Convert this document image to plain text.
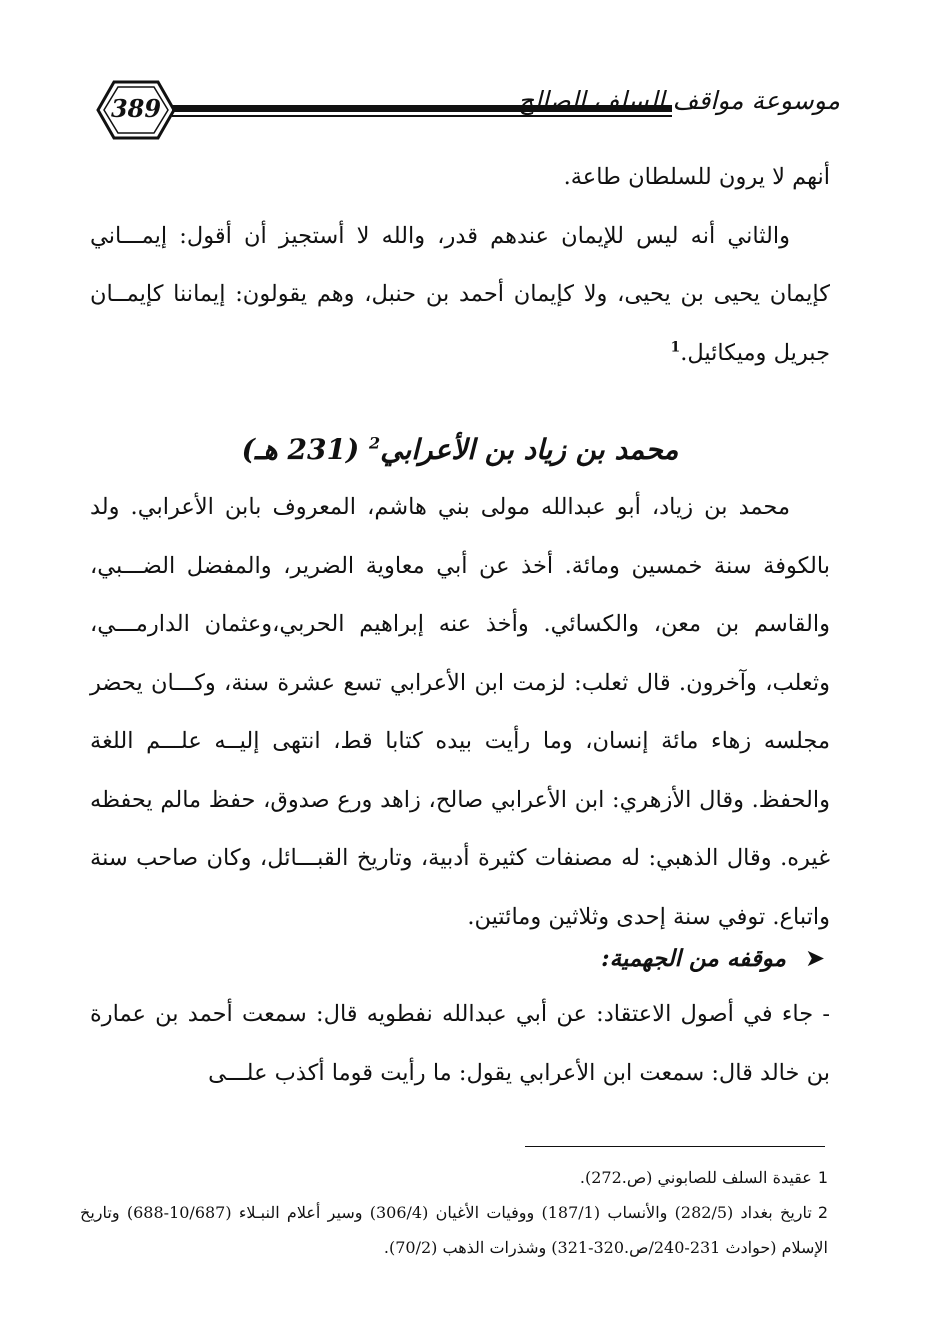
389	موسوعة مواقف السلف الصالح

أنهم لا يرون للسلطان طاعة.

والثاني أنه ليس للإيمان عندهم قدر، والله لا أستجيز أن أقول: إيمـــاني كإيمان يحيى بن يحيى، ولا كإيمان أحمد بن حنبل، وهم يقولون: إيماننا كإيمــان جبريل وميكائيل.$^1$

محمد بن زياد بن الأعرابي$^2$ (231 هـ)

محمد بن زياد، أبو عبدالله مولى بني هاشم، المعروف بابن الأعرابي. ولد بالكوفة سنة خمسين ومائة. أخذ عن أبي معاوية الضرير، والمفضل الضـــبي، والقاسم بن معن، والكسائي. وأخذ عنه إبراهيم الحربي،وعثمان الدارمـــي، وثعلب، وآخرون. قال ثعلب: لزمت ابن الأعرابي تسع عشرة سنة، وكـــان يحضر مجلسه زهاء مائة إنسان، وما رأيت بيده كتابا قط، انتهى إليــه علـــم اللغة والحفظ. وقال الأزهري: ابن الأعرابي صالح، زاهد ورع صدوق، حفظ مالم يحفظه غيره. وقال الذهبي: له مصنفات كثيرة أدبية، وتاريخ القبـــائل، وكان صاحب سنة واتباع. توفي سنة إحدى وثلاثين ومائتين.

➤موقفه من الجهمية:

- جاء في أصول الاعتقاد: عن أبي عبدالله نفطويه قال: سمعت أحمد بن عمارة بن خالد قال: سمعت ابن الأعرابي يقول: ما رأيت قوما أكذب علـــى

1عقيدة السلف للصابوني (ص.272).

2تاريخ بغداد (282/5) والأنساب (187/1) ووفيات الأغيان (306/4) وسير أعلام النبـلاء (10/687-688) وتاريخ الإسلام (حوادث 231-240/ص.320-321) وشذرات الذهب (70/2).
